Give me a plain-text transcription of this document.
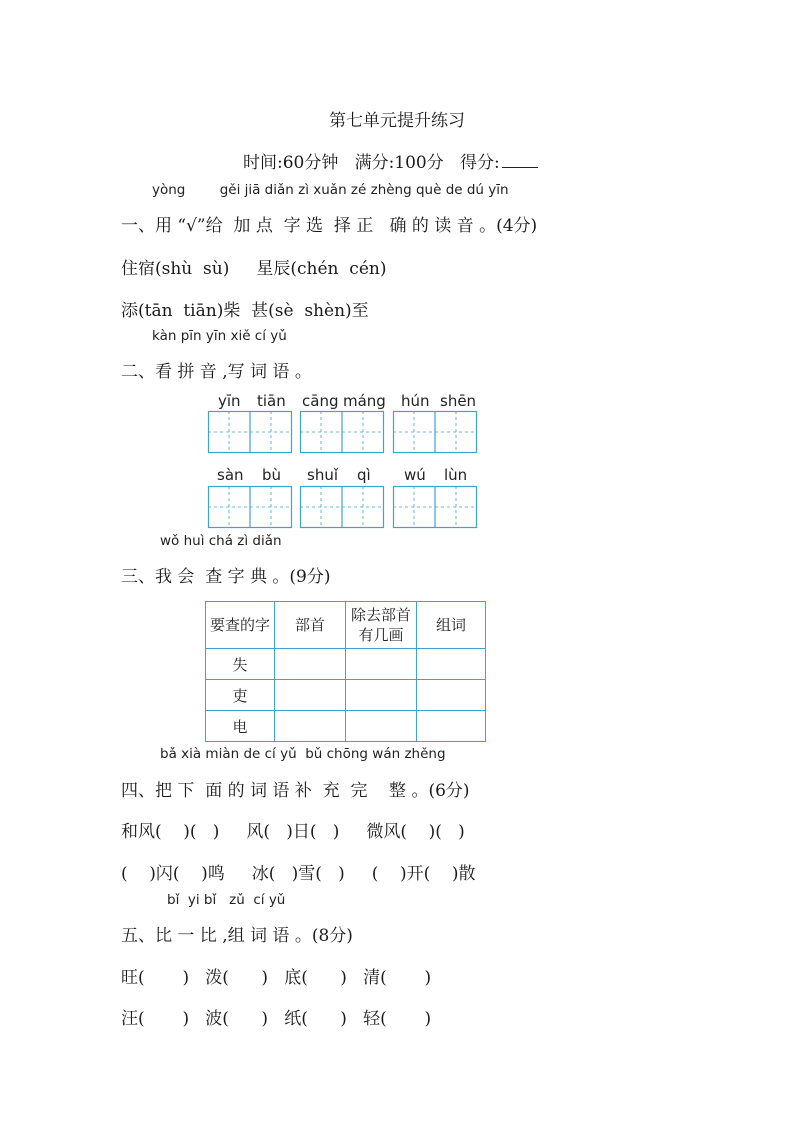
第七单元提升练习
时间:60分钟 满分:100分 得分:
yòng        gěi jiā diǎn zì xuǎn zé zhèng què de dú yīn
一、用 “√”给  加 点  字 选  择 正   确 的 读 音 。(4分)
住宿(shù  sù)     星辰(chén  cén)
添(tān  tiān)柴  甚(sè  shèn)至
kàn pīn yīn xiě cí yǔ
二、看 拼 音 ,写 词 语 。
yīn tiān cāng máng hún shēn
sàn bù shuǐ qì wú lùn
wǒ huì chá zì diǎn
三、我 会  查 字 典 。(9分)
要查的字	部首	除去部首
有几画	组词
失			
吏			
电			
bǎ xià miàn de cí yǔ  bǔ chōng wán zhěng
四、把 下  面 的 词 语 补  充  完    整 。(6分)
和风(    )(   )     风(   )日(   )     微风(    )(   )
(    )闪(    )鸣     冰(   )雪(   )     (    )开(    )散
bǐ  yi bǐ   zǔ  cí yǔ
五、比 一 比 ,组 词 语 。(8分)
旺(       )   泼(      )   底(      )   清(       )
汪(       )   波(      )   纸(      )   轻(       )
